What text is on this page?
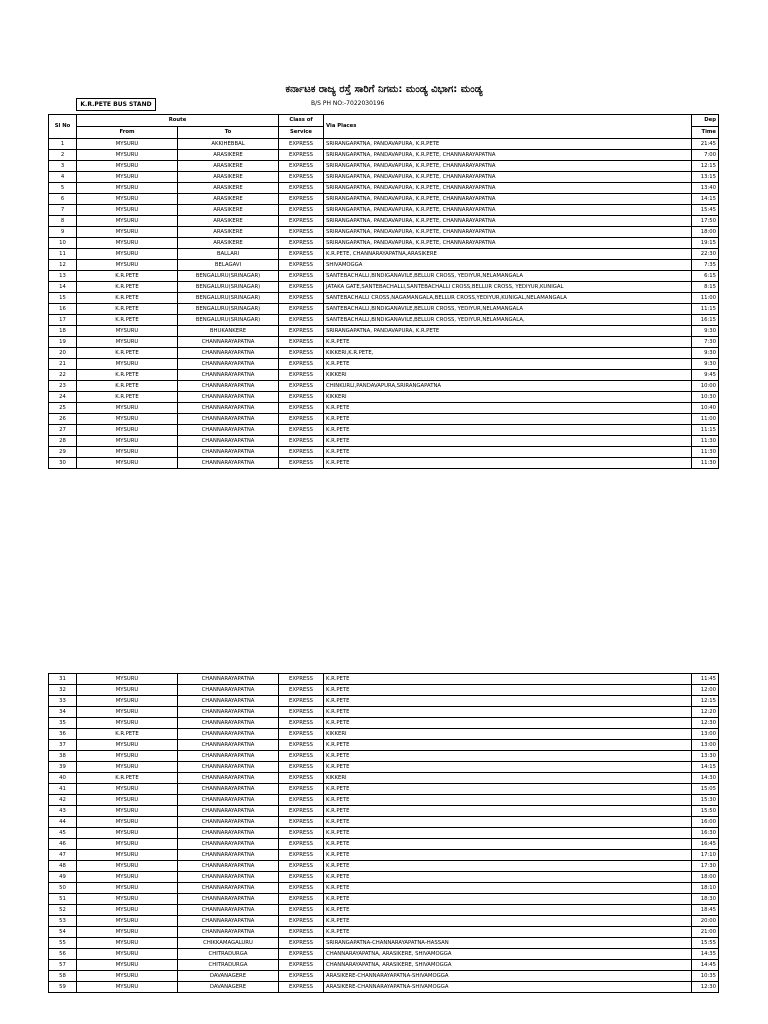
ಕರ್ನಾಟಕ ರಾಜ್ಯ ರಸ್ತೆ ಸಾರಿಗೆ ನಿಗಮ: ಮಂಡ್ಯ ವಿಭಾಗ: ಮಂಡ್ಯ
K.R.PETE BUS STAND	B/S PH NO:-7022030196
Sl No	Route		Class of	Via Places	Dep
	From	To	Service		Time
1	MYSURU	AKKIHEBBAL	EXPRESS	SRIRANGAPATNA, PANDAVAPURA, K.R.PETE	21:45
2	MYSURU	ARASIKERE	EXPRESS	SRIRANGAPATNA, PANDAVAPURA, K.R.PETE, CHANNARAYAPATNA	7:00
3	MYSURU	ARASIKERE	EXPRESS	SRIRANGAPATNA, PANDAVAPURA, K.R.PETE, CHANNARAYAPATNA	12:15
4	MYSURU	ARASIKERE	EXPRESS	SRIRANGAPATNA, PANDAVAPURA, K.R.PETE, CHANNARAYAPATNA	13:15
5	MYSURU	ARASIKERE	EXPRESS	SRIRANGAPATNA, PANDAVAPURA, K.R.PETE, CHANNARAYAPATNA	13:40
6	MYSURU	ARASIKERE	EXPRESS	SRIRANGAPATNA, PANDAVAPURA, K.R.PETE, CHANNARAYAPATNA	14:15
7	MYSURU	ARASIKERE	EXPRESS	SRIRANGAPATNA, PANDAVAPURA, K.R.PETE, CHANNARAYAPATNA	15:45
8	MYSURU	ARASIKERE	EXPRESS	SRIRANGAPATNA, PANDAVAPURA, K.R.PETE, CHANNARAYAPATNA	17:50
9	MYSURU	ARASIKERE	EXPRESS	SRIRANGAPATNA, PANDAVAPURA, K.R.PETE, CHANNARAYAPATNA	18:00
10	MYSURU	ARASIKERE	EXPRESS	SRIRANGAPATNA, PANDAVAPURA, K.R.PETE, CHANNARAYAPATNA	19:15
11	MYSURU	BALLARI	EXPRESS	K.R.PETE, CHANNARAYAPATNA,ARASIKERE	22:30
12	MYSURU	BELAGAVI	EXPRESS	SHIVAMOGGA	7:35
13	K.R.PETE	BENGALURU(SRINAGAR)	EXPRESS	SANTEBACHALLI,BINDIGANAVILE,BELLUR CROSS, YEDIYUR,NELAMANGALA	6:15
14	K.R.PETE	BENGALURU(SRINAGAR)	EXPRESS	JATAKA GATE,SANTEBACHALLI,SANTEBACHALLI CROSS,BELLUR CROSS, YEDIYUR,KUNIGAL	8:15
15	K.R.PETE	BENGALURU(SRINAGAR)	EXPRESS	SANTEBACHALLI CROSS,NAGAMANGALA,BELLUR CROSS,YEDIYUR,KUNIGAL,NELAMANGALA	11:00
16	K.R.PETE	BENGALURU(SRINAGAR)	EXPRESS	SANTEBACHALLI,BINDIGANAVILE,BELLUR CROSS, YEDIYUR,NELAMANGALA	11:15
17	K.R.PETE	BENGALURU(SRINAGAR)	EXPRESS	SANTEBACHALLI,BINDIGANAVILE,BELLUR CROSS, YEDIYUR,NELAMANGALA,	16:15
18	MYSURU	BHUKANKERE	EXPRESS	SRIRANGAPATNA, PANDAVAPURA, K.R.PETE	9:30
19	MYSURU	CHANNARAYAPATNA	EXPRESS	K.R.PETE	7:30
20	K.R.PETE	CHANNARAYAPATNA	EXPRESS	KIKKERI,K.R.PETE,	9:30
21	MYSURU	CHANNARAYAPATNA	EXPRESS	K.R.PETE	9:30
22	K.R.PETE	CHANNARAYAPATNA	EXPRESS	KIKKERI	9:45
23	K.R.PETE	CHANNARAYAPATNA	EXPRESS	CHINKURLI,PANDAVAPURA,SRIRANGAPATNA	10:00
24	K.R.PETE	CHANNARAYAPATNA	EXPRESS	KIKKERI	10:30
25	MYSURU	CHANNARAYAPATNA	EXPRESS	K.R.PETE	10:40
26	MYSURU	CHANNARAYAPATNA	EXPRESS	K.R.PETE	11:00
27	MYSURU	CHANNARAYAPATNA	EXPRESS	K.R.PETE	11:15
28	MYSURU	CHANNARAYAPATNA	EXPRESS	K.R.PETE	11:30
29	MYSURU	CHANNARAYAPATNA	EXPRESS	K.R.PETE	11:30
30	MYSURU	CHANNARAYAPATNA	EXPRESS	K.R.PETE	11:30
31	MYSURU	CHANNARAYAPATNA	EXPRESS	K.R.PETE	11:45
32	MYSURU	CHANNARAYAPATNA	EXPRESS	K.R.PETE	12:00
33	MYSURU	CHANNARAYAPATNA	EXPRESS	K.R.PETE	12:15
34	MYSURU	CHANNARAYAPATNA	EXPRESS	K.R.PETE	12:20
35	MYSURU	CHANNARAYAPATNA	EXPRESS	K.R.PETE	12:30
36	K.R.PETE	CHANNARAYAPATNA	EXPRESS	KIKKERI	13:00
37	MYSURU	CHANNARAYAPATNA	EXPRESS	K.R.PETE	13:00
38	MYSURU	CHANNARAYAPATNA	EXPRESS	K.R.PETE	13:30
39	MYSURU	CHANNARAYAPATNA	EXPRESS	K.R.PETE	14:15
40	K.R.PETE	CHANNARAYAPATNA	EXPRESS	KIKKERI	14:30
41	MYSURU	CHANNARAYAPATNA	EXPRESS	K.R.PETE	15:05
42	MYSURU	CHANNARAYAPATNA	EXPRESS	K.R.PETE	15:30
43	MYSURU	CHANNARAYAPATNA	EXPRESS	K.R.PETE	15:50
44	MYSURU	CHANNARAYAPATNA	EXPRESS	K.R.PETE	16:00
45	MYSURU	CHANNARAYAPATNA	EXPRESS	K.R.PETE	16:30
46	MYSURU	CHANNARAYAPATNA	EXPRESS	K.R.PETE	16:45
47	MYSURU	CHANNARAYAPATNA	EXPRESS	K.R.PETE	17:10
48	MYSURU	CHANNARAYAPATNA	EXPRESS	K.R.PETE	17:30
49	MYSURU	CHANNARAYAPATNA	EXPRESS	K.R.PETE	18:00
50	MYSURU	CHANNARAYAPATNA	EXPRESS	K.R.PETE	18:10
51	MYSURU	CHANNARAYAPATNA	EXPRESS	K.R.PETE	18:30
52	MYSURU	CHANNARAYAPATNA	EXPRESS	K.R.PETE	18:45
53	MYSURU	CHANNARAYAPATNA	EXPRESS	K.R.PETE	20:00
54	MYSURU	CHANNARAYAPATNA	EXPRESS	K.R.PETE	21:00
55	MYSURU	CHIKKAMAGALURU	EXPRESS	SRIRANGAPATNA-CHANNARAYAPATNA-HASSAN	15:55
56	MYSURU	CHITRADURGA	EXPRESS	CHANNARAYAPATNA, ARASIKERE, SHIVAMOGGA	14:35
57	MYSURU	CHITRADURGA	EXPRESS	CHANNARAYAPATNA, ARASIKERE, SHIVAMOGGA	14:45
58	MYSURU	DAVANAGERE	EXPRESS	ARASIKERE-CHANNARAYAPATNA-SHIVAMOGGA	10:35
59	MYSURU	DAVANAGERE	EXPRESS	ARASIKERE-CHANNARAYAPATNA-SHIVAMOGGA	12:30
